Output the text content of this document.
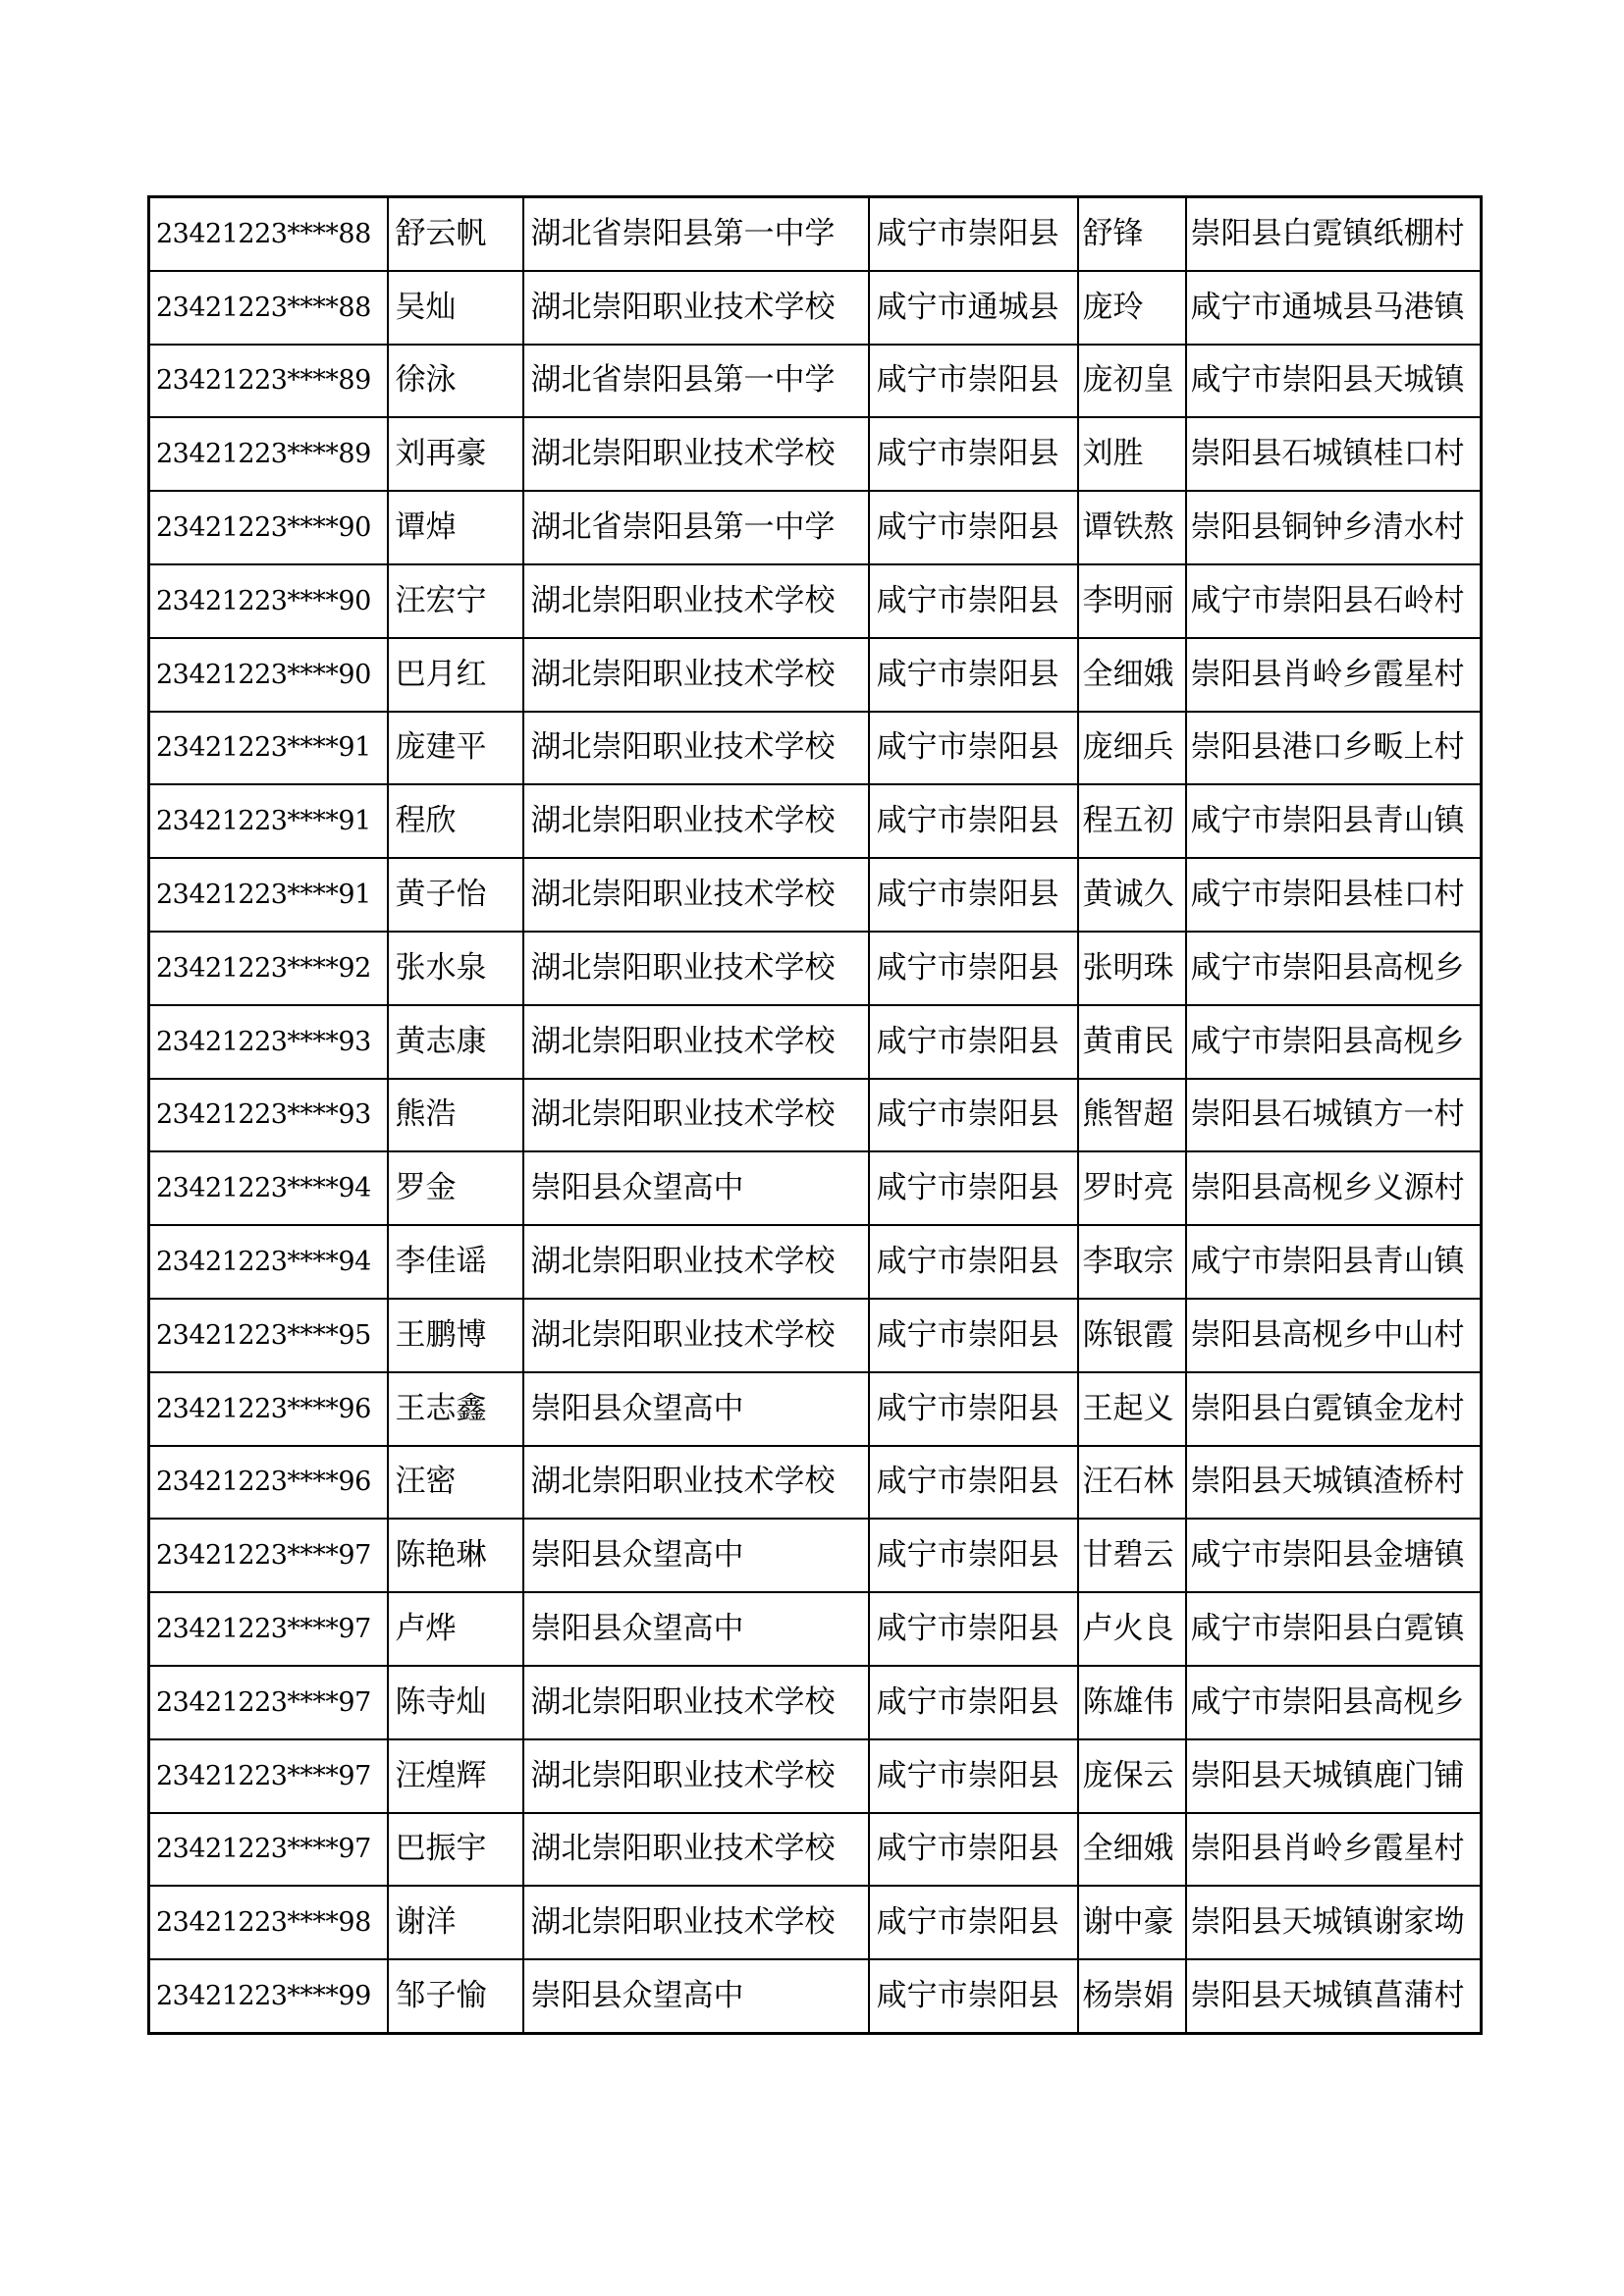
23421223****88	舒云帆	湖北省崇阳县第一中学	咸宁市崇阳县	舒锋	崇阳县白霓镇纸棚村
23421223****88	吴灿	湖北崇阳职业技术学校	咸宁市通城县	庞玲	咸宁市通城县马港镇
23421223****89	徐泳	湖北省崇阳县第一中学	咸宁市崇阳县	庞初皇	咸宁市崇阳县天城镇
23421223****89	刘再豪	湖北崇阳职业技术学校	咸宁市崇阳县	刘胜	崇阳县石城镇桂口村
23421223****90	谭焯	湖北省崇阳县第一中学	咸宁市崇阳县	谭铁熬	崇阳县铜钟乡清水村
23421223****90	汪宏宁	湖北崇阳职业技术学校	咸宁市崇阳县	李明丽	咸宁市崇阳县石岭村
23421223****90	巴月红	湖北崇阳职业技术学校	咸宁市崇阳县	全细娥	崇阳县肖岭乡霞星村
23421223****91	庞建平	湖北崇阳职业技术学校	咸宁市崇阳县	庞细兵	崇阳县港口乡畈上村
23421223****91	程欣	湖北崇阳职业技术学校	咸宁市崇阳县	程五初	咸宁市崇阳县青山镇
23421223****91	黄子怡	湖北崇阳职业技术学校	咸宁市崇阳县	黄诚久	咸宁市崇阳县桂口村
23421223****92	张水泉	湖北崇阳职业技术学校	咸宁市崇阳县	张明珠	咸宁市崇阳县高枧乡
23421223****93	黄志康	湖北崇阳职业技术学校	咸宁市崇阳县	黄甫民	咸宁市崇阳县高枧乡
23421223****93	熊浩	湖北崇阳职业技术学校	咸宁市崇阳县	熊智超	崇阳县石城镇方一村
23421223****94	罗金	崇阳县众望高中	咸宁市崇阳县	罗时亮	崇阳县高枧乡义源村
23421223****94	李佳谣	湖北崇阳职业技术学校	咸宁市崇阳县	李取宗	咸宁市崇阳县青山镇
23421223****95	王鹏博	湖北崇阳职业技术学校	咸宁市崇阳县	陈银霞	崇阳县高枧乡中山村
23421223****96	王志鑫	崇阳县众望高中	咸宁市崇阳县	王起义	崇阳县白霓镇金龙村
23421223****96	汪密	湖北崇阳职业技术学校	咸宁市崇阳县	汪石林	崇阳县天城镇渣桥村
23421223****97	陈艳琳	崇阳县众望高中	咸宁市崇阳县	甘碧云	咸宁市崇阳县金塘镇
23421223****97	卢烨	崇阳县众望高中	咸宁市崇阳县	卢火良	咸宁市崇阳县白霓镇
23421223****97	陈寺灿	湖北崇阳职业技术学校	咸宁市崇阳县	陈雄伟	咸宁市崇阳县高枧乡
23421223****97	汪煌辉	湖北崇阳职业技术学校	咸宁市崇阳县	庞保云	崇阳县天城镇鹿门铺
23421223****97	巴振宇	湖北崇阳职业技术学校	咸宁市崇阳县	全细娥	崇阳县肖岭乡霞星村
23421223****98	谢洋	湖北崇阳职业技术学校	咸宁市崇阳县	谢中豪	崇阳县天城镇谢家坳
23421223****99	邹子愉	崇阳县众望高中	咸宁市崇阳县	杨崇娟	崇阳县天城镇菖蒲村
